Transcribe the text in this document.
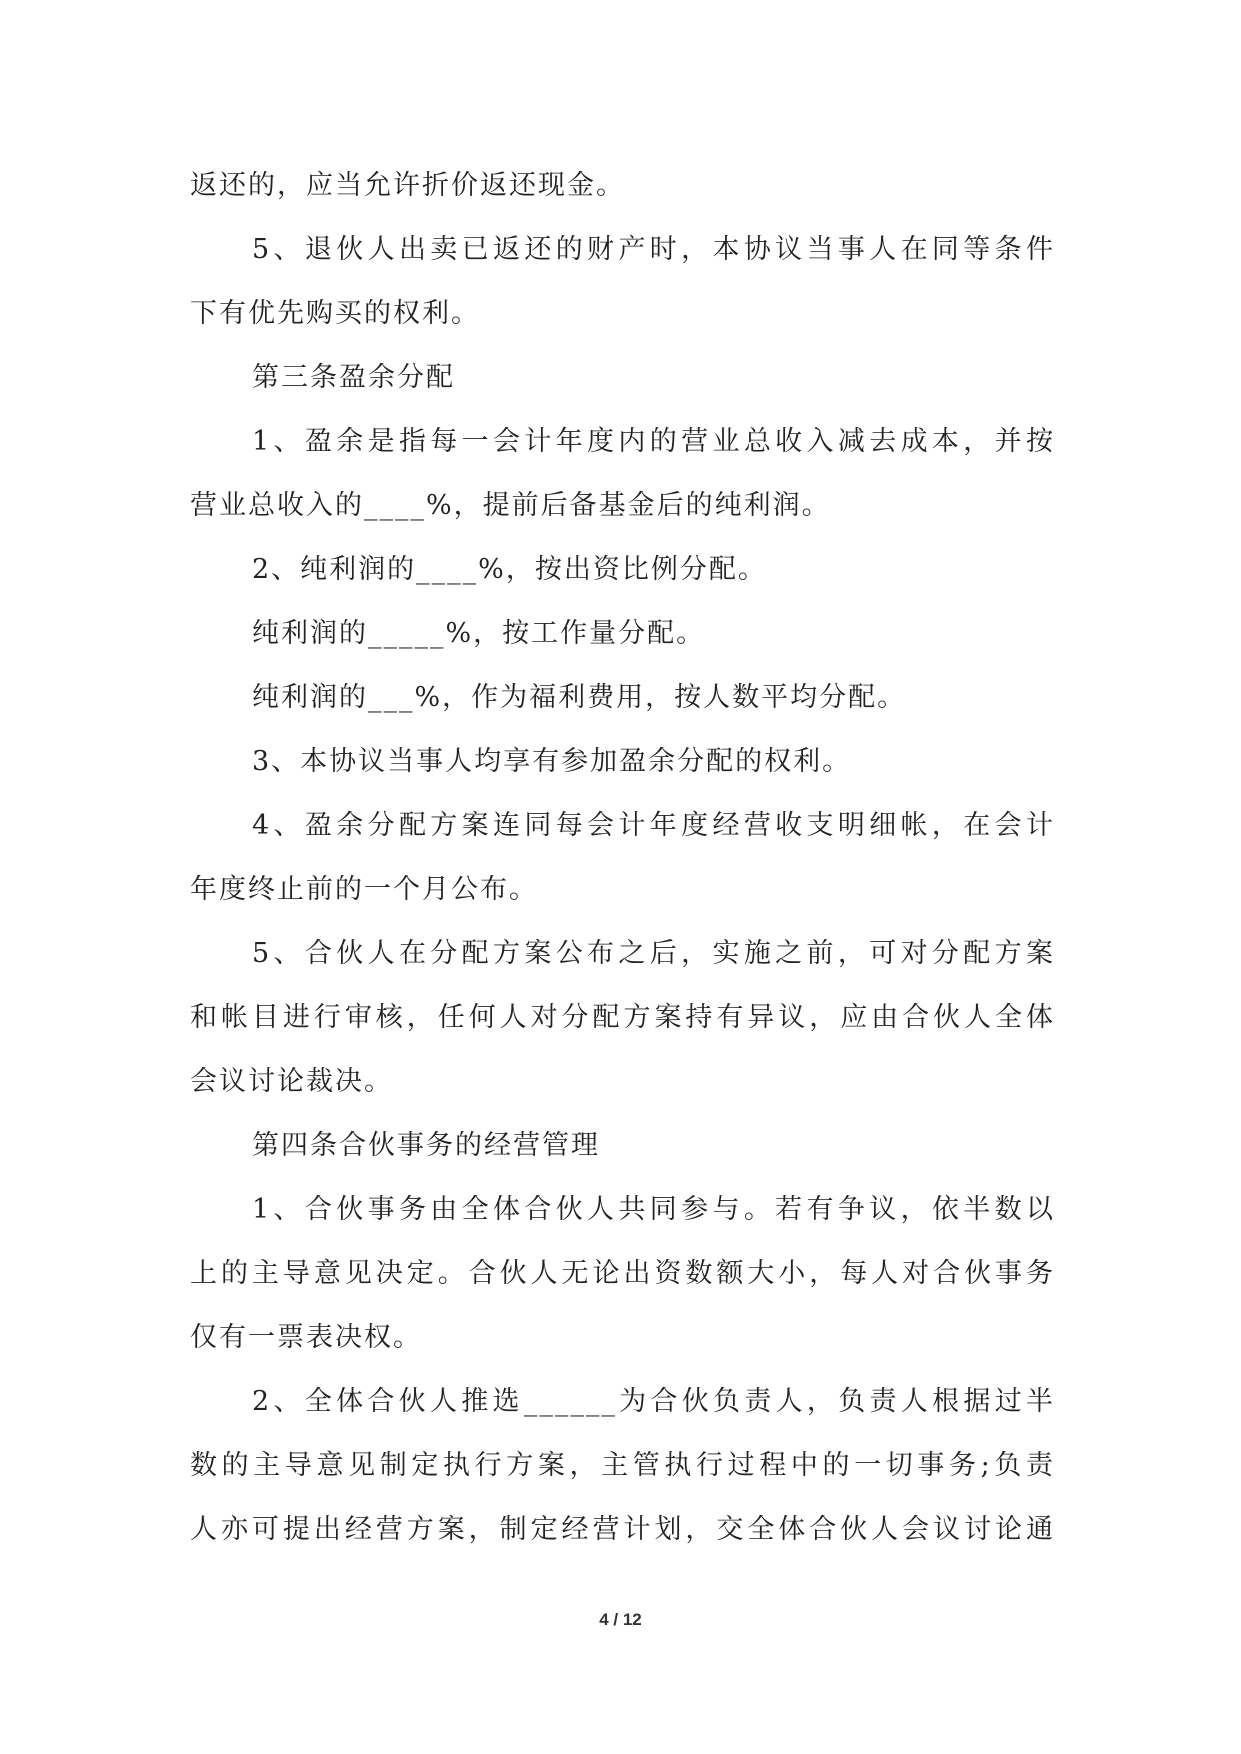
返还的，应当允许折价返还现金。
5、退伙人出卖已返还的财产时，本协议当事人在同等条件
下有优先购买的权利。
第三条盈余分配
1、盈余是指每一会计年度内的营业总收入减去成本，并按
营业总收入的____%，提前后备基金后的纯利润。
2、纯利润的____%，按出资比例分配。
纯利润的_____%，按工作量分配。
纯利润的___%，作为福利费用，按人数平均分配。
3、本协议当事人均享有参加盈余分配的权利。
4、盈余分配方案连同每会计年度经营收支明细帐，在会计
年度终止前的一个月公布。
5、合伙人在分配方案公布之后，实施之前，可对分配方案
和帐目进行审核，任何人对分配方案持有异议，应由合伙人全体
会议讨论裁决。
第四条合伙事务的经营管理
1、合伙事务由全体合伙人共同参与。若有争议，依半数以
上的主导意见决定。合伙人无论出资数额大小，每人对合伙事务
仅有一票表决权。
2、全体合伙人推选______为合伙负责人，负责人根据过半
数的主导意见制定执行方案，主管执行过程中的一切事务;负责
人亦可提出经营方案，制定经营计划，交全体合伙人会议讨论通
4 / 12
